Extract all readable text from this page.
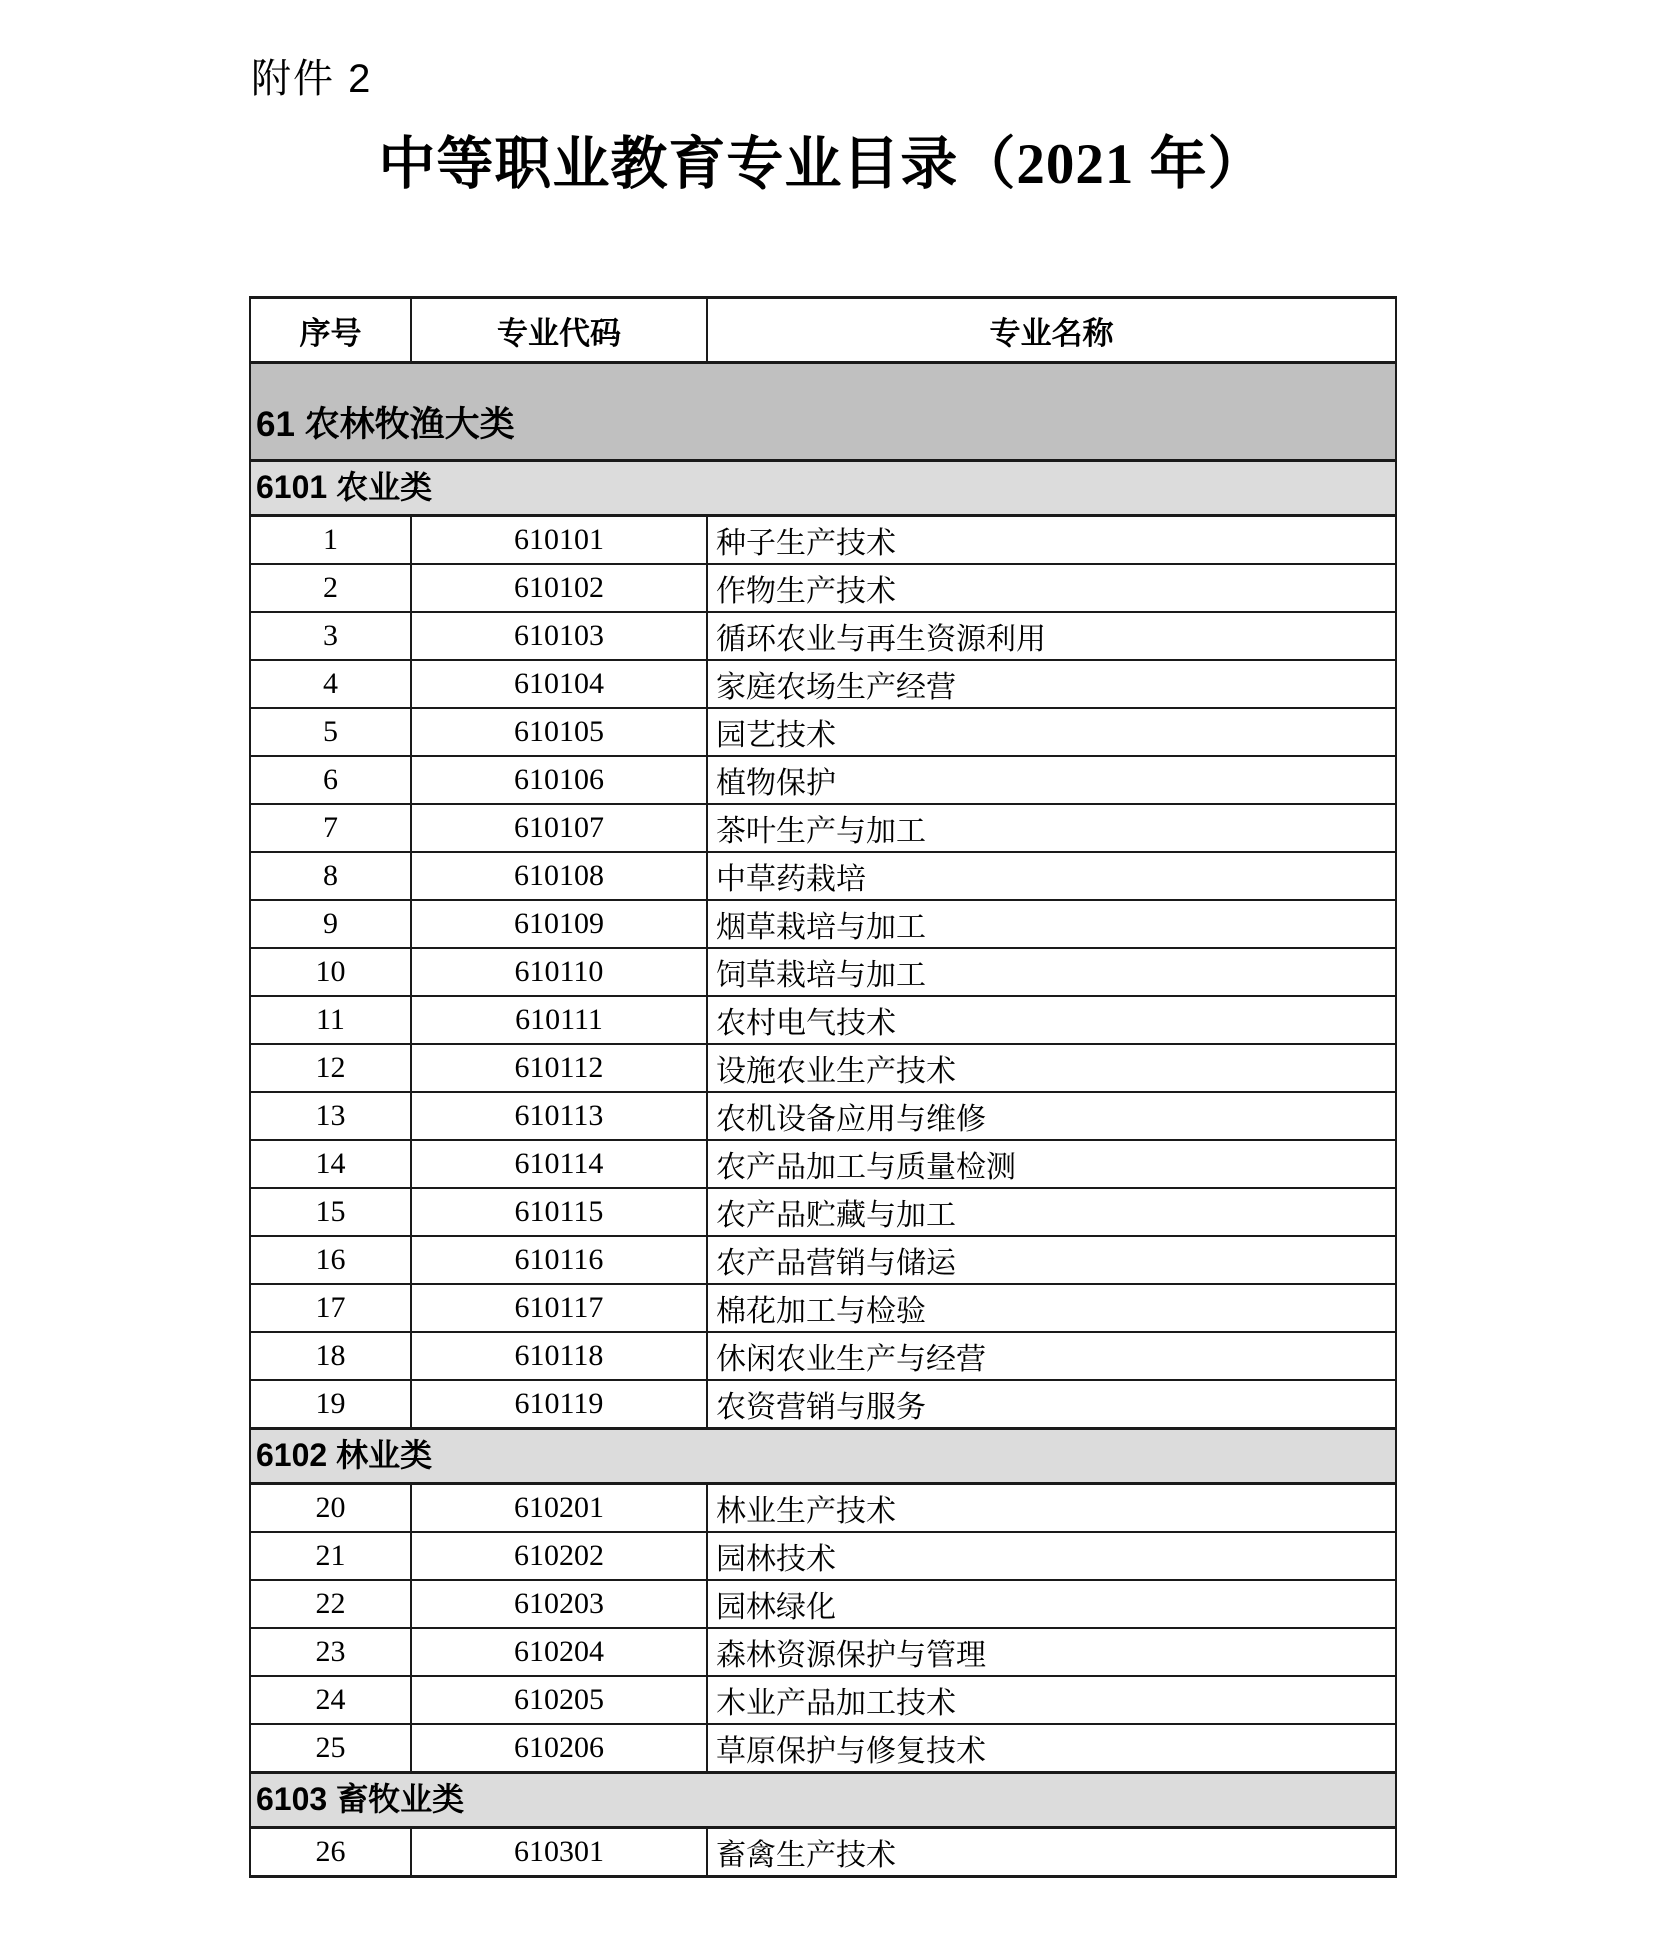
附件 2
中等职业教育专业目录（2021 年）
序号	专业代码	专业名称
61 农林牧渔大类		
6101 农业类		
1	610101	种子生产技术
2	610102	作物生产技术
3	610103	循环农业与再生资源利用
4	610104	家庭农场生产经营
5	610105	园艺技术
6	610106	植物保护
7	610107	茶叶生产与加工
8	610108	中草药栽培
9	610109	烟草栽培与加工
10	610110	饲草栽培与加工
11	610111	农村电气技术
12	610112	设施农业生产技术
13	610113	农机设备应用与维修
14	610114	农产品加工与质量检测
15	610115	农产品贮藏与加工
16	610116	农产品营销与储运
17	610117	棉花加工与检验
18	610118	休闲农业生产与经营
19	610119	农资营销与服务
6102 林业类		
20	610201	林业生产技术
21	610202	园林技术
22	610203	园林绿化
23	610204	森林资源保护与管理
24	610205	木业产品加工技术
25	610206	草原保护与修复技术
6103 畜牧业类		
26	610301	畜禽生产技术
